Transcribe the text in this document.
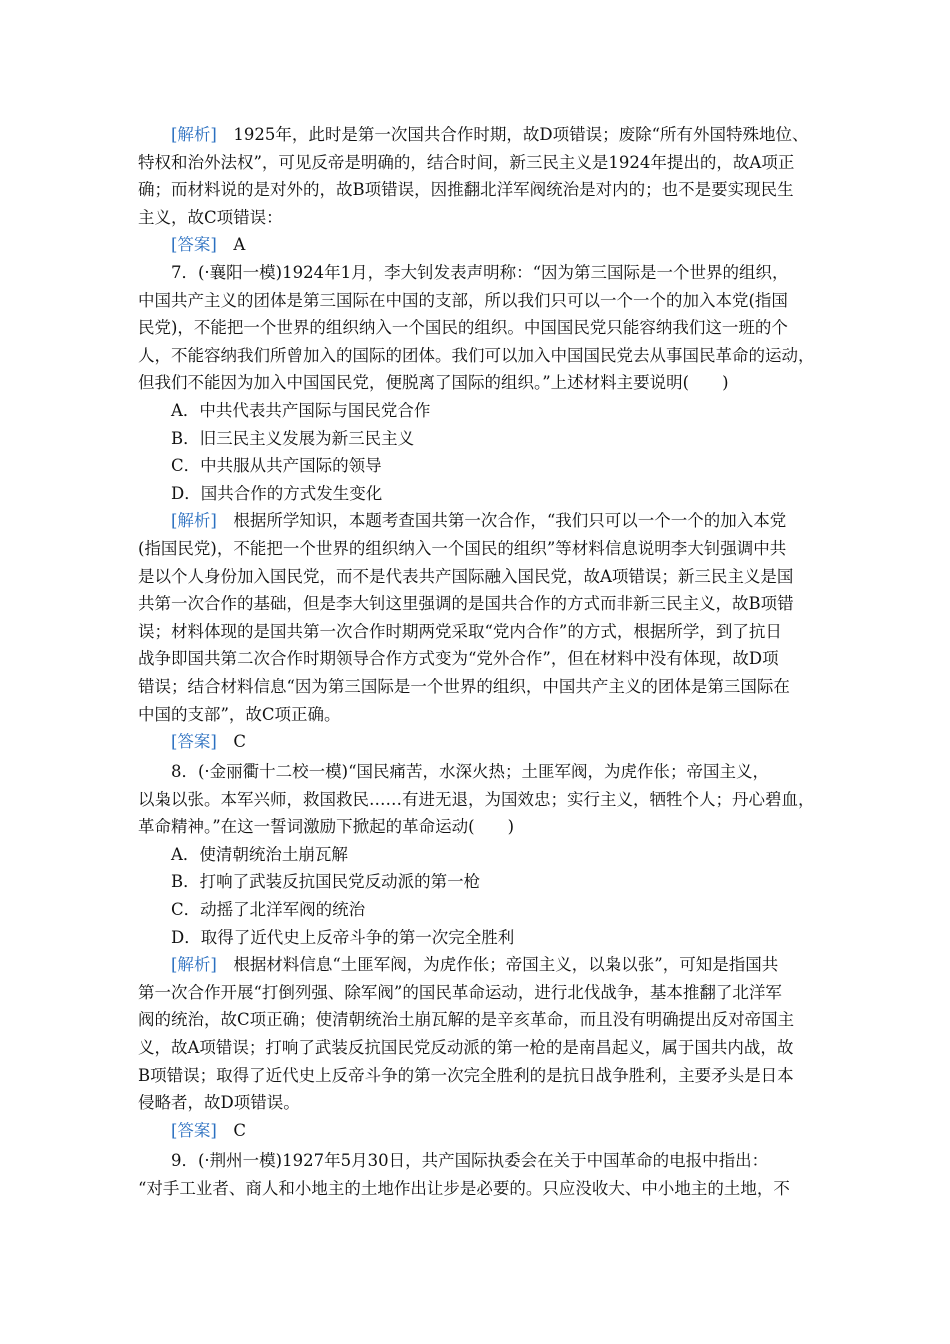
[解析]　 1925年，此时是第一次国共合作时期，故D项错误；废除“所有外国特殊地位、
特权和治外法权”，可见反帝是明确的，结合时间，新三民主义是1924年提出的，故A项正
确；而材料说的是对外的，故B项错误，因推翻北洋军阀统治是对内的；也不是要实现民生
主义，故C项错误：
[答案]　 A
7．(·襄阳一模)1924年1月，李大钊发表声明称：“因为第三国际是一个世界的组织，
中国共产主义的团体是第三国际在中国的支部，所以我们只可以一个一个的加入本党(指国
民党)，不能把一个世界的组织纳入一个国民的组织。中国国民党只能容纳我们这一班的个
人，不能容纳我们所曾加入的国际的团体。我们可以加入中国国民党去从事国民革命的运动，
但我们不能因为加入中国国民党，便脱离了国际的组织。”上述材料主要说明(　　)
A．中共代表共产国际与国民党合作
B．旧三民主义发展为新三民主义
C．中共服从共产国际的领导
D．国共合作的方式发生变化
[解析]　 根据所学知识，本题考查国共第一次合作，“我们只可以一个一个的加入本党
(指国民党)，不能把一个世界的组织纳入一个国民的组织”等材料信息说明李大钊强调中共
是以个人身份加入国民党，而不是代表共产国际融入国民党，故A项错误；新三民主义是国
共第一次合作的基础，但是李大钊这里强调的是国共合作的方式而非新三民主义，故B项错
误；材料体现的是国共第一次合作时期两党采取“党内合作”的方式，根据所学，到了抗日
战争即国共第二次合作时期领导合作方式变为“党外合作”，但在材料中没有体现，故D项
错误；结合材料信息“因为第三国际是一个世界的组织，中国共产主义的团体是第三国际在
中国的支部”，故C项正确。
[答案]　 C
8．(·金丽衢十二校一模)“国民痛苦，水深火热；土匪军阀，为虎作伥；帝国主义，
以枭以张。本军兴师，救国救民……有进无退，为国效忠；实行主义，牺牲个人；丹心碧血，
革命精神。”在这一誓词激励下掀起的革命运动(　　)
A．使清朝统治土崩瓦解
B．打响了武装反抗国民党反动派的第一枪
C．动摇了北洋军阀的统治
D．取得了近代史上反帝斗争的第一次完全胜利
[解析]　 根据材料信息“土匪军阀，为虎作伥；帝国主义，以枭以张”，可知是指国共
第一次合作开展“打倒列强、除军阀”的国民革命运动，进行北伐战争，基本推翻了北洋军
阀的统治，故C项正确；使清朝统治土崩瓦解的是辛亥革命，而且没有明确提出反对帝国主
义，故A项错误；打响了武装反抗国民党反动派的第一枪的是南昌起义，属于国共内战，故
B项错误；取得了近代史上反帝斗争的第一次完全胜利的是抗日战争胜利，主要矛头是日本
侵略者，故D项错误。
[答案]　 C
9．(·荆州一模)1927年5月30日，共产国际执委会在关于中国革命的电报中指出：
“对手工业者、商人和小地主的土地作出让步是必要的。只应没收大、中小地主的土地，不
